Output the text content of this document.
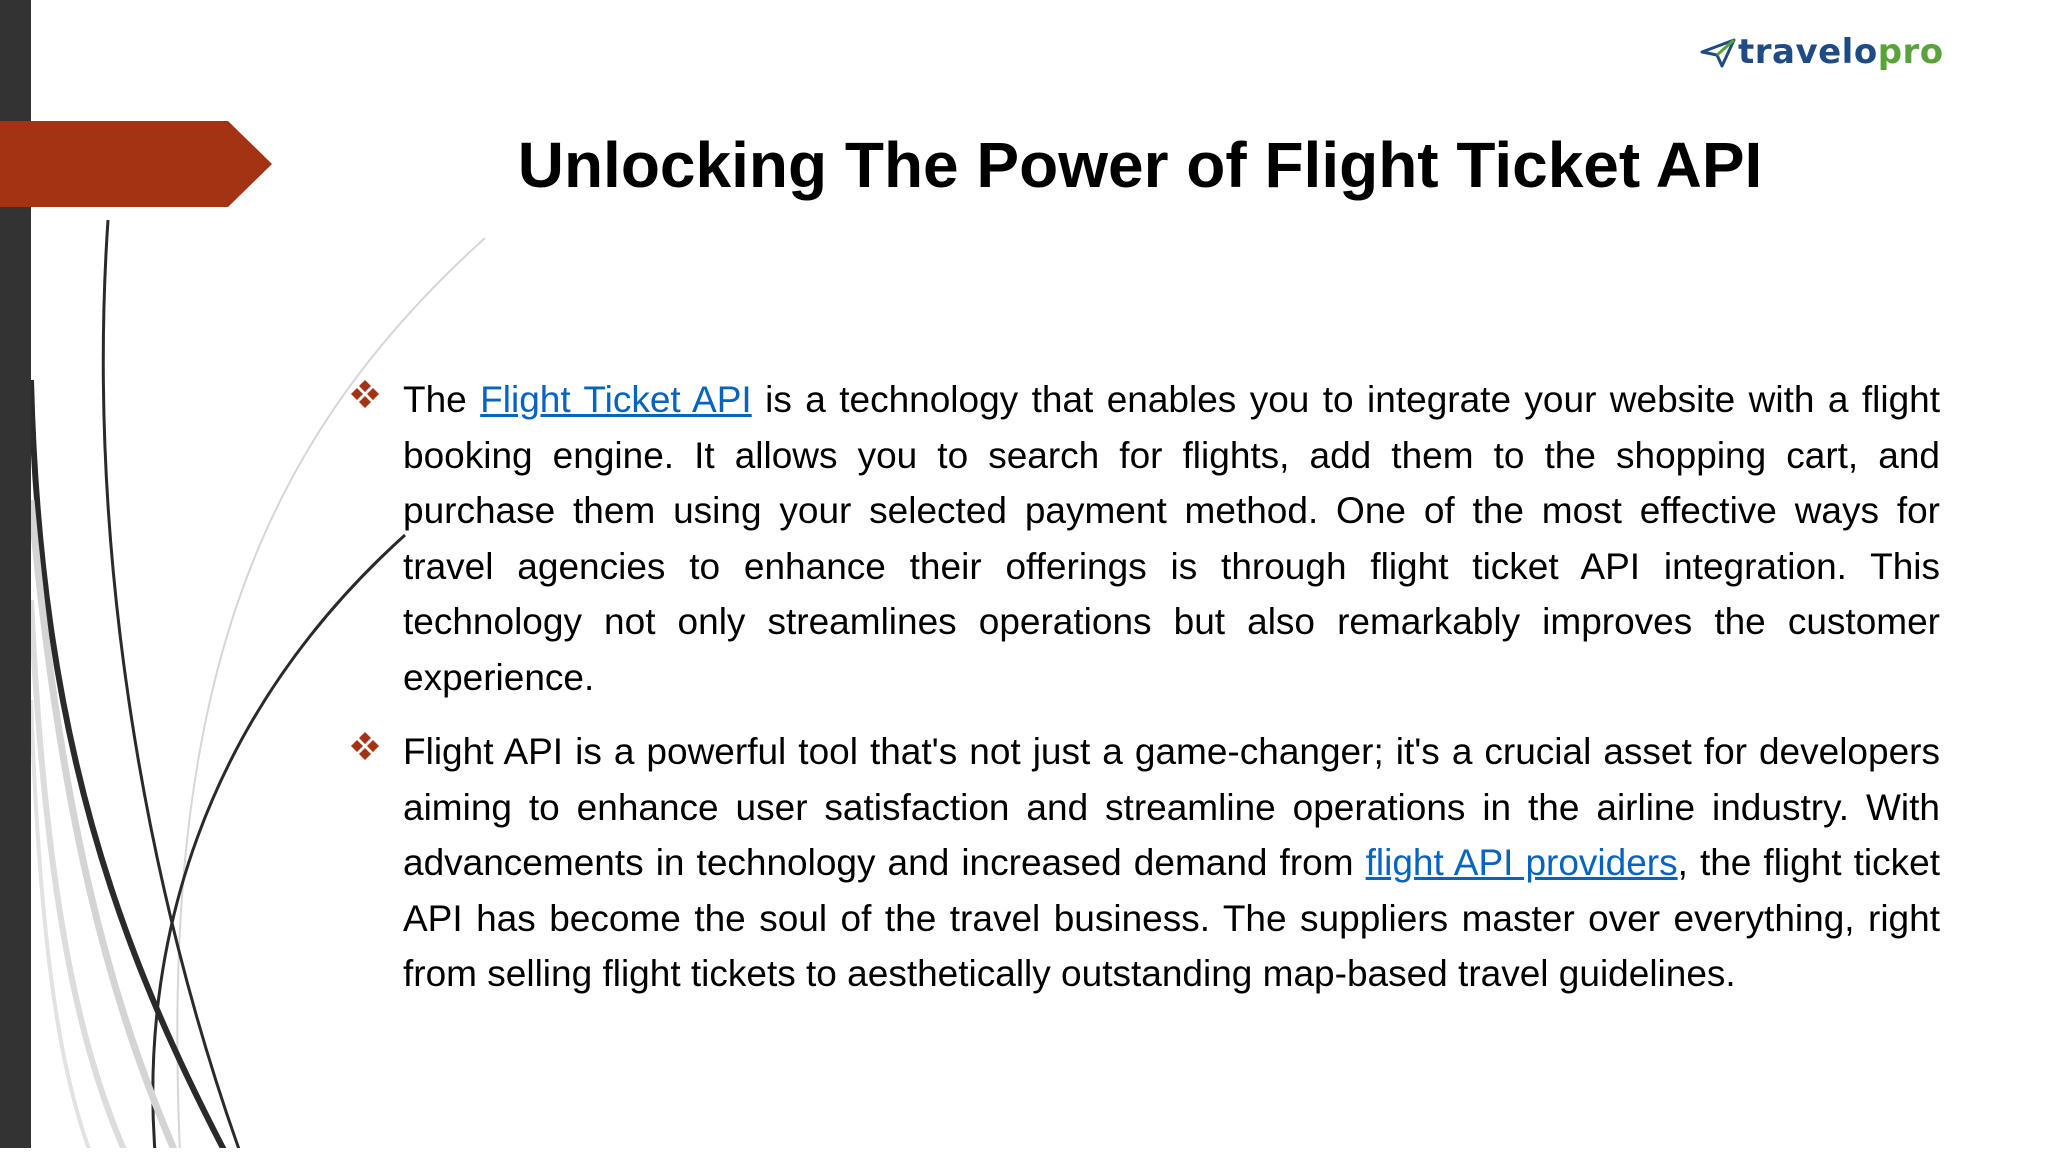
travelopro
Unlocking The Power of Flight Ticket API

The Flight Ticket API is a technology that enables you to integrate your website with a flight booking engine. It allows you to search for flights, add them to the shopping cart, and purchase them using your selected payment method. One of the most effective ways for travel agencies to enhance their offerings is through flight ticket API integration. This technology not only streamlines operations but also remarkably improves the customer experience.

Flight API is a powerful tool that's not just a game-changer; it's a crucial asset for developers aiming to enhance user satisfaction and streamline operations in the airline industry. With advancements in technology and increased demand from flight API providers, the flight ticket API has become the soul of the travel business. The suppliers master over everything, right from selling flight tickets to aesthetically outstanding map-based travel guidelines.
